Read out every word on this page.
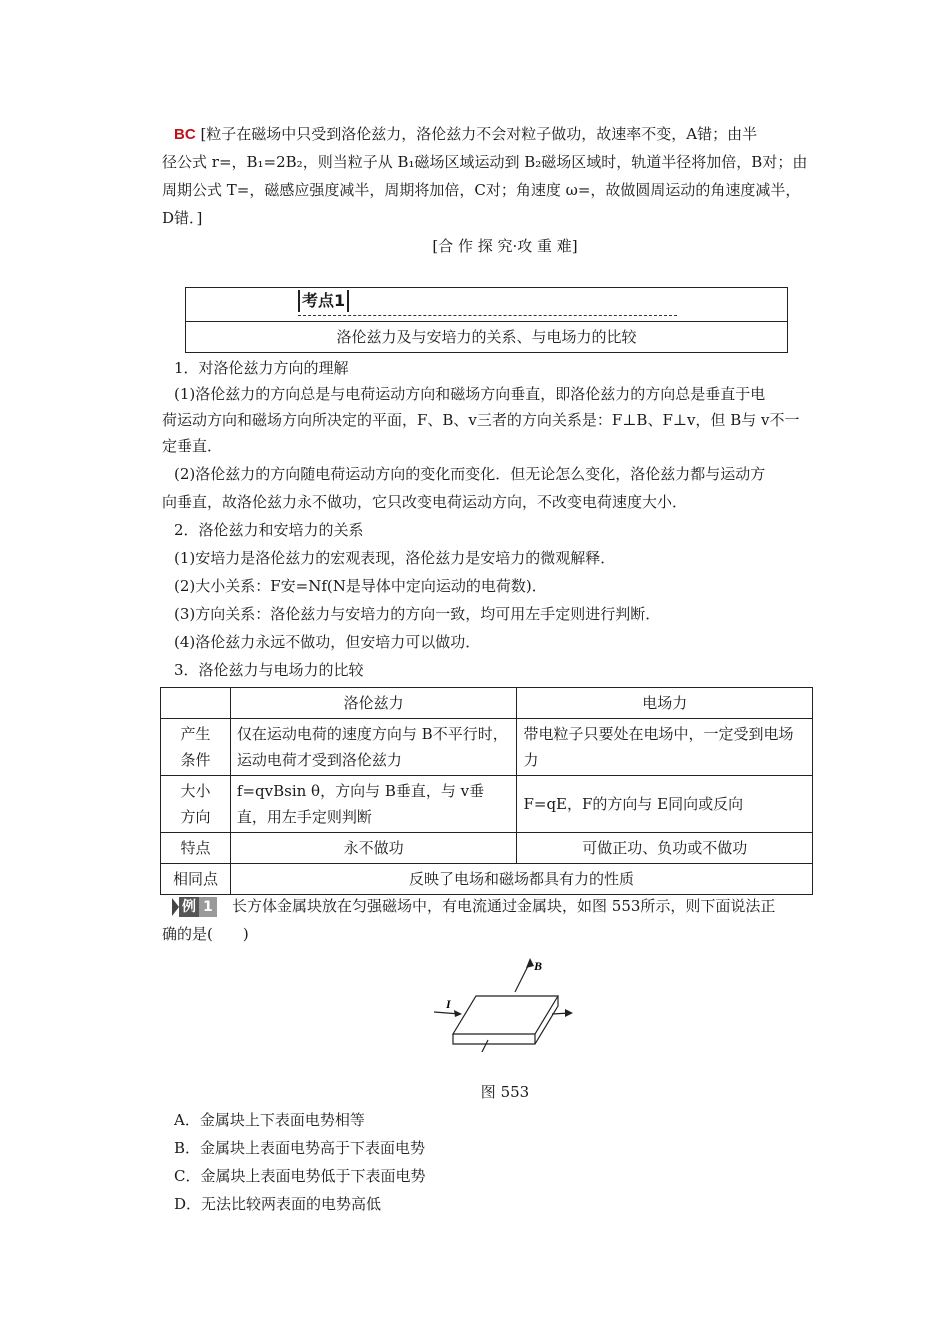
BC [粒子在磁场中只受到洛伦兹力，洛伦兹力不会对粒子做功，故速率不变，A错；由半
径公式 r=，B₁=2B₂，则当粒子从 B₁磁场区域运动到 B₂磁场区域时，轨道半径将加倍，B对；由
周期公式 T=，磁感应强度减半，周期将加倍，C对；角速度 ω=，故做圆周运动的角速度减半，
D错．]
[合 作 探 究·攻 重 难]
考点1
洛伦兹力及与安培力的关系、与电场力的比较
1．对洛伦兹力方向的理解
(1)洛伦兹力的方向总是与电荷运动方向和磁场方向垂直，即洛伦兹力的方向总是垂直于电
荷运动方向和磁场方向所决定的平面，F、B、v三者的方向关系是：F⊥B、F⊥v，但 B与 v不一
定垂直．
(2)洛伦兹力的方向随电荷运动方向的变化而变化．但无论怎么变化，洛伦兹力都与运动方
向垂直，故洛伦兹力永不做功，它只改变电荷运动方向，不改变电荷速度大小．
2．洛伦兹力和安培力的关系
(1)安培力是洛伦兹力的宏观表现，洛伦兹力是安培力的微观解释．
(2)大小关系：F安=Nf(N是导体中定向运动的电荷数)．
(3)方向关系：洛伦兹力与安培力的方向一致，均可用左手定则进行判断．
(4)洛伦兹力永远不做功，但安培力可以做功．
3．洛伦兹力与电场力的比较
	洛伦兹力	电场力
产生
条件	仅在运动电荷的速度方向与 B不平行时，运动电荷才受到洛伦兹力	带电粒子只要处在电场中，一定受到电场力
大小
方向	f=qvBsin θ，方向与 B垂直，与 v垂直，用左手定则判断	F=qE，F的方向与 E同向或反向
特点	永不做功	可做正功、负功或不做功
相同点	反映了电场和磁场都具有力的性质	
例 1 长方体金属块放在匀强磁场中，有电流通过金属块，如图 553所示，则下面说法正
确的是(　　)
B
I
图 553
A．金属块上下表面电势相等
B．金属块上表面电势高于下表面电势
C．金属块上表面电势低于下表面电势
D．无法比较两表面的电势高低
